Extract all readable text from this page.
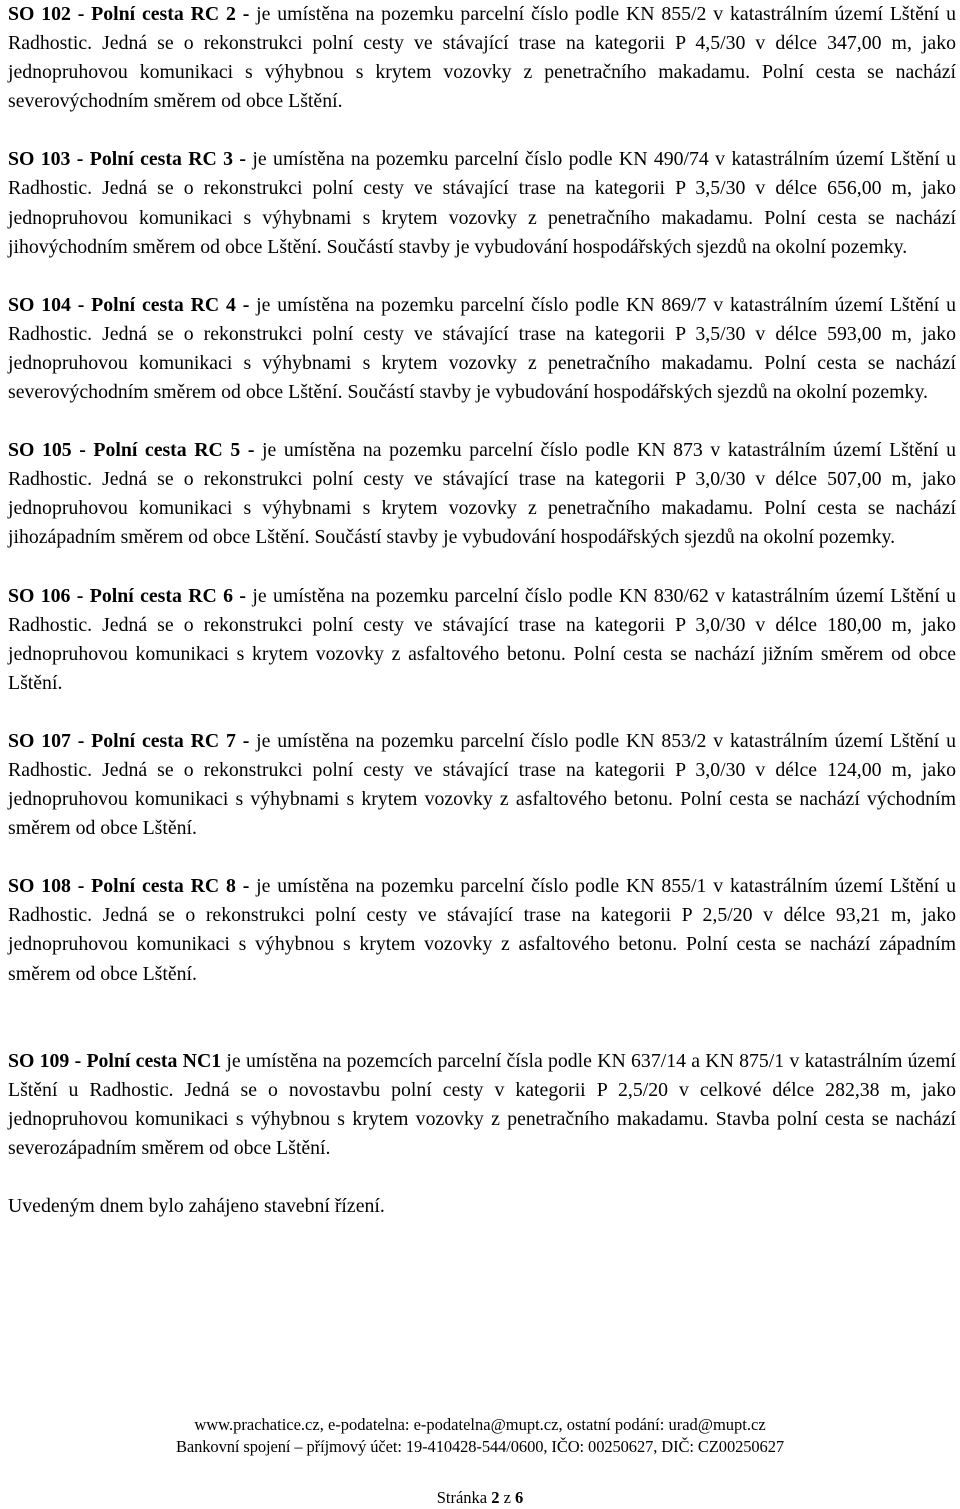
SO 102 - Polní cesta RC 2 - je umístěna na pozemku parcelní číslo podle KN 855/2 v katastrálním území Lštění u Radhostic. Jedná se o rekonstrukci polní cesty ve stávající trase na kategorii P 4,5/30 v délce 347,00 m, jako jednopruhovou komunikaci s výhybnou s krytem vozovky z penetračního makadamu. Polní cesta se nachází severovýchodním směrem od obce Lštění.

SO 103 - Polní cesta RC 3 - je umístěna na pozemku parcelní číslo podle KN 490/74 v katastrálním území Lštění u Radhostic. Jedná se o rekonstrukci polní cesty ve stávající trase na kategorii P 3,5/30 v délce 656,00 m, jako jednopruhovou komunikaci s výhybnami s krytem vozovky z penetračního makadamu. Polní cesta se nachází jihovýchodním směrem od obce Lštění. Součástí stavby je vybudování hospodářských sjezdů na okolní pozemky.

SO 104 - Polní cesta RC 4 - je umístěna na pozemku parcelní číslo podle KN 869/7 v katastrálním území Lštění u Radhostic. Jedná se o rekonstrukci polní cesty ve stávající trase na kategorii P 3,5/30 v délce 593,00 m, jako jednopruhovou komunikaci s výhybnami s krytem vozovky z penetračního makadamu. Polní cesta se nachází severovýchodním směrem od obce Lštění. Součástí stavby je vybudování hospodářských sjezdů na okolní pozemky.

SO 105 - Polní cesta RC 5 - je umístěna na pozemku parcelní číslo podle KN 873 v katastrálním území Lštění u Radhostic. Jedná se o rekonstrukci polní cesty ve stávající trase na kategorii P 3,0/30 v délce 507,00 m, jako jednopruhovou komunikaci s výhybnami s krytem vozovky z penetračního makadamu. Polní cesta se nachází jihozápadním směrem od obce Lštění. Součástí stavby je vybudování hospodářských sjezdů na okolní pozemky.

SO 106 - Polní cesta RC 6 - je umístěna na pozemku parcelní číslo podle KN 830/62 v katastrálním území Lštění u Radhostic. Jedná se o rekonstrukci polní cesty ve stávající trase na kategorii P 3,0/30 v délce 180,00 m, jako jednopruhovou komunikaci s krytem vozovky z asfaltového betonu. Polní cesta se nachází jižním směrem od obce Lštění.

SO 107 - Polní cesta RC 7 - je umístěna na pozemku parcelní číslo podle KN 853/2 v katastrálním území Lštění u Radhostic. Jedná se o rekonstrukci polní cesty ve stávající trase na kategorii P 3,0/30 v délce 124,00 m, jako jednopruhovou komunikaci s výhybnami s krytem vozovky z asfaltového betonu. Polní cesta se nachází východním směrem od obce Lštění.

SO 108 - Polní cesta RC 8 - je umístěna na pozemku parcelní číslo podle KN 855/1 v katastrálním území Lštění u Radhostic. Jedná se o rekonstrukci polní cesty ve stávající trase na kategorii P 2,5/20 v délce 93,21 m, jako jednopruhovou komunikaci s výhybnou s krytem vozovky z asfaltového betonu. Polní cesta se nachází západním směrem od obce Lštění.

SO 109 - Polní cesta NC1 je umístěna na pozemcích parcelní čísla podle KN 637/14 a KN 875/1 v katastrálním území Lštění u Radhostic. Jedná se o novostavbu polní cesty v kategorii P 2,5/20 v celkové délce 282,38 m, jako jednopruhovou komunikaci s výhybnou s krytem vozovky z penetračního makadamu. Stavba polní cesta se nachází severozápadním směrem od obce Lštění.

Uvedeným dnem bylo zahájeno stavební řízení.

www.prachatice.cz, e-podatelna: e-podatelna@mupt.cz, ostatní podání: urad@mupt.cz
Bankovní spojení – příjmový účet: 19-410428-544/0600, IČO: 00250627, DIČ: CZ00250627
Stránka 2 z 6
